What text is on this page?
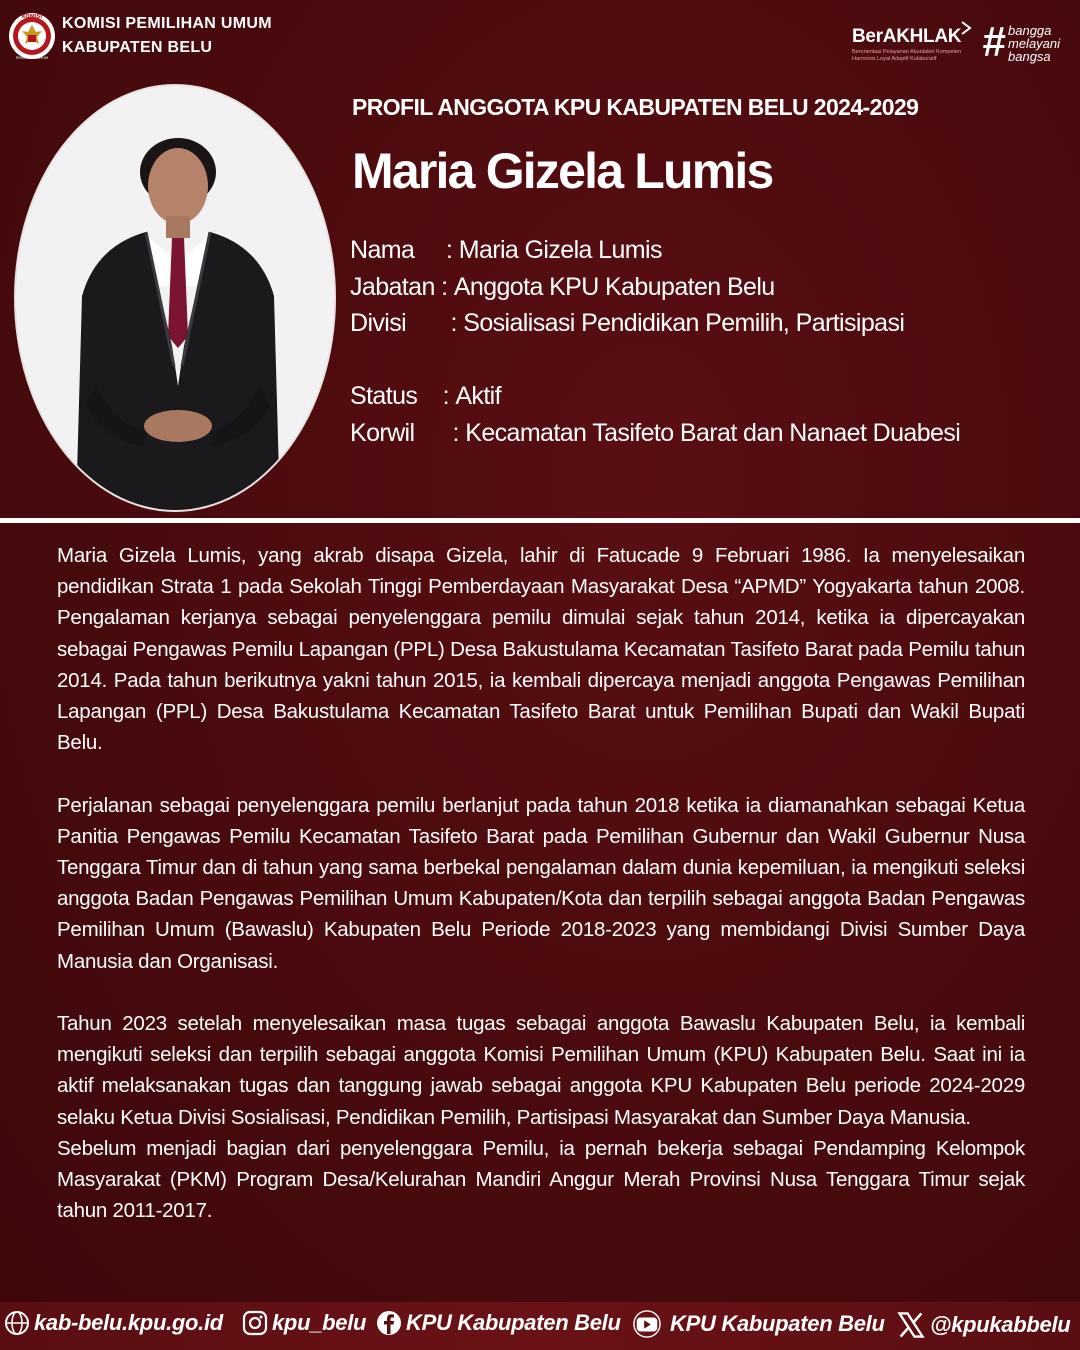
KOMISI
PEMILIHAN UMUM
KOMISI PEMILIHAN UMUM
KABUPATEN BELU
BerAKHLAK
Berorientasi Pelayanan Akuntabel Kompeten
Harmonis Loyal Adaptif Kolaboratif	# bangga
melayani
bangsa
PROFIL ANGGOTA KPU KABUPATEN BELU 2024-2029
Maria Gizela Lumis
Nama : Maria Gizela Lumis
Jabatan : Anggota KPU Kabupaten Belu
Divisi : Sosialisasi Pendidikan Pemilih, Partisipasi
Status : Aktif
Korwil : Kecamatan Tasifeto Barat dan Nanaet Duabesi

Maria Gizela Lumis, yang akrab disapa Gizela, lahir di Fatucade 9 Februari 1986. Ia menyelesaikan pendidikan Strata 1 pada Sekolah Tinggi Pemberdayaan Masyarakat Desa “APMD” Yogyakarta tahun 2008. Pengalaman kerjanya sebagai penyelenggara pemilu dimulai sejak tahun 2014, ketika ia dipercayakan sebagai Pengawas Pemilu Lapangan (PPL) Desa Bakustulama Kecamatan Tasifeto Barat pada Pemilu tahun 2014. Pada tahun berikutnya yakni tahun 2015, ia kembali dipercaya menjadi anggota Pengawas Pemilihan Lapangan (PPL) Desa Bakustulama Kecamatan Tasifeto Barat untuk Pemilihan Bupati dan Wakil Bupati Belu.

Perjalanan sebagai penyelenggara pemilu berlanjut pada tahun 2018 ketika ia diamanahkan sebagai Ketua Panitia Pengawas Pemilu Kecamatan Tasifeto Barat pada Pemilihan Gubernur dan Wakil Gubernur Nusa Tenggara Timur dan di tahun yang sama berbekal pengalaman dalam dunia kepemiluan, ia mengikuti seleksi anggota Badan Pengawas Pemilihan Umum Kabupaten/Kota dan terpilih sebagai anggota Badan Pengawas Pemilihan Umum (Bawaslu) Kabupaten Belu Periode 2018-2023 yang membidangi Divisi Sumber Daya Manusia dan Organisasi.

Tahun 2023 setelah menyelesaikan masa tugas sebagai anggota Bawaslu Kabupaten Belu, ia kembali mengikuti seleksi dan terpilih sebagai anggota Komisi Pemilihan Umum (KPU) Kabupaten Belu. Saat ini ia aktif melaksanakan tugas dan tanggung jawab sebagai anggota KPU Kabupaten Belu periode 2024-2029 selaku Ketua Divisi Sosialisasi, Pendidikan Pemilih, Partisipasi Masyarakat dan Sumber Daya Manusia.

Sebelum menjadi bagian dari penyelenggara Pemilu, ia pernah bekerja sebagai Pendamping Kelompok Masyarakat (PKM) Program Desa/Kelurahan Mandiri Anggur Merah Provinsi Nusa Tenggara Timur sejak tahun 2011-2017.

kab-belu.kpu.go.id kpu_belu KPU Kabupaten Belu KPU Kabupaten Belu @kpukabbelu
